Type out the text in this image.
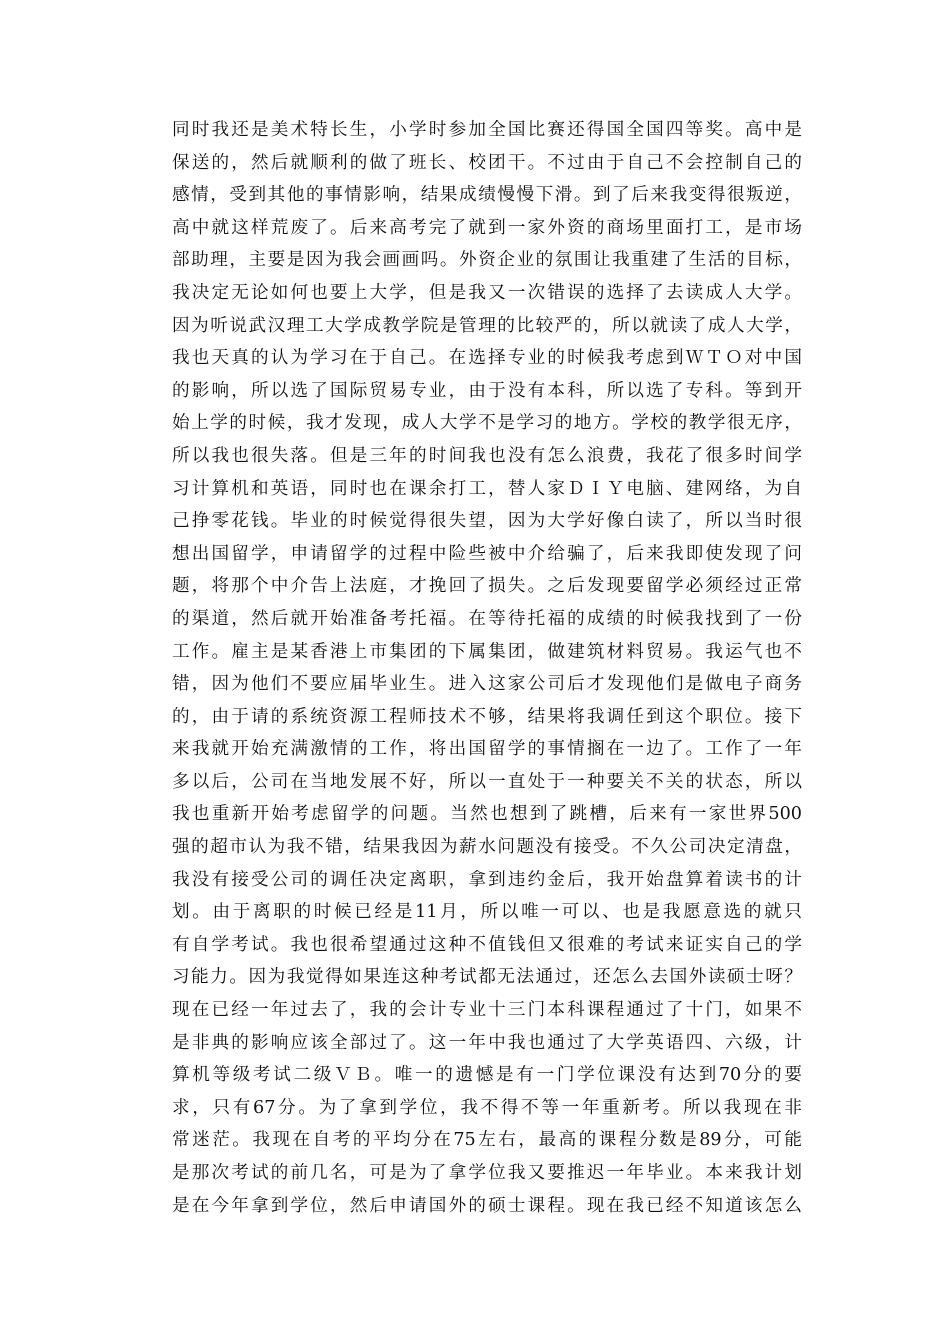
同时我还是美术特长生，小学时参加全国比赛还得国全国四等奖。高中是
保送的，然后就顺利的做了班长、校团干。不过由于自己不会控制自己的
感情，受到其他的事情影响，结果成绩慢慢下滑。到了后来我变得很叛逆，
高中就这样荒废了。后来高考完了就到一家外资的商场里面打工，是市场
部助理，主要是因为我会画画吗。外资企业的氛围让我重建了生活的目标，
我决定无论如何也要上大学，但是我又一次错误的选择了去读成人大学。
因为听说武汉理工大学成教学院是管理的比较严的，所以就读了成人大学，
我也天真的认为学习在于自己。在选择专业的时候我考虑到ＷＴＯ对中国
的影响，所以选了国际贸易专业，由于没有本科，所以选了专科。等到开
始上学的时候，我才发现，成人大学不是学习的地方。学校的教学很无序，
所以我也很失落。但是三年的时间我也没有怎么浪费，我花了很多时间学
习计算机和英语，同时也在课余打工，替人家ＤＩＹ电脑、建网络，为自
己挣零花钱。毕业的时候觉得很失望，因为大学好像白读了，所以当时很
想出国留学，申请留学的过程中险些被中介给骗了，后来我即使发现了问
题，将那个中介告上法庭，才挽回了损失。之后发现要留学必须经过正常
的渠道，然后就开始准备考托福。在等待托福的成绩的时候我找到了一份
工作。雇主是某香港上市集团的下属集团，做建筑材料贸易。我运气也不
错，因为他们不要应届毕业生。进入这家公司后才发现他们是做电子商务
的，由于请的系统资源工程师技术不够，结果将我调任到这个职位。接下
来我就开始充满激情的工作，将出国留学的事情搁在一边了。工作了一年
多以后，公司在当地发展不好，所以一直处于一种要关不关的状态，所以
我也重新开始考虑留学的问题。当然也想到了跳槽，后来有一家世界500
强的超市认为我不错，结果我因为薪水问题没有接受。不久公司决定清盘，
我没有接受公司的调任决定离职，拿到违约金后，我开始盘算着读书的计
划。由于离职的时候已经是11月，所以唯一可以、也是我愿意选的就只
有自学考试。我也很希望通过这种不值钱但又很难的考试来证实自己的学
习能力。因为我觉得如果连这种考试都无法通过，还怎么去国外读硕士呀？
现在已经一年过去了，我的会计专业十三门本科课程通过了十门，如果不
是非典的影响应该全部过了。这一年中我也通过了大学英语四、六级，计
算机等级考试二级ＶＢ。唯一的遗憾是有一门学位课没有达到70分的要
求，只有67分。为了拿到学位，我不得不等一年重新考。所以我现在非
常迷茫。我现在自考的平均分在75左右，最高的课程分数是89分，可能
是那次考试的前几名，可是为了拿学位我又要推迟一年毕业。本来我计划
是在今年拿到学位，然后申请国外的硕士课程。现在我已经不知道该怎么
